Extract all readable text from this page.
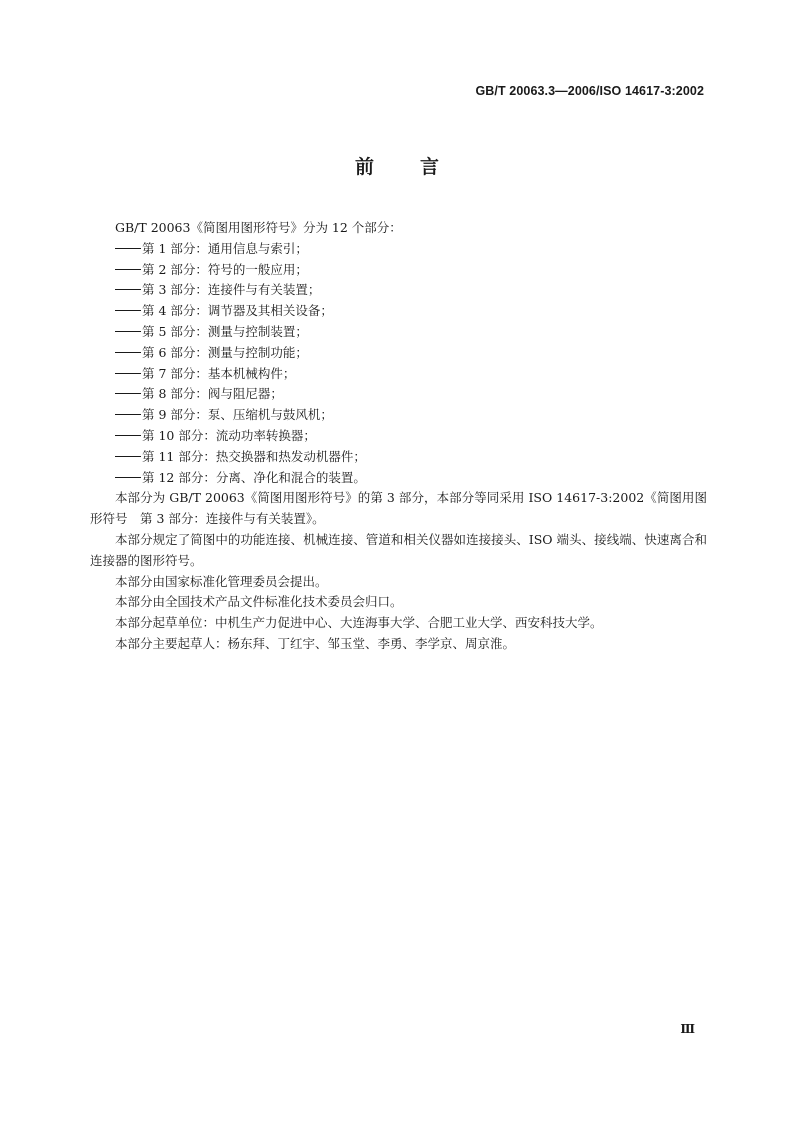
GB/T 20063.3—2006/ISO 14617-3:2002
前 言

GB/T 20063《简图用图形符号》分为 12 个部分：

第 1 部分：通用信息与索引；

第 2 部分：符号的一般应用；

第 3 部分：连接件与有关装置；

第 4 部分：调节器及其相关设备；

第 5 部分：测量与控制装置；

第 6 部分：测量与控制功能；

第 7 部分：基本机械构件；

第 8 部分：阀与阻尼器；

第 9 部分：泵、压缩机与鼓风机；

第 10 部分：流动功率转换器；

第 11 部分：热交换器和热发动机器件；

第 12 部分：分离、净化和混合的装置。

本部分为 GB/T 20063《简图用图形符号》的第 3 部分，本部分等同采用 ISO 14617-3:2002《简图用图形符号　第 3 部分：连接件与有关装置》。

本部分规定了简图中的功能连接、机械连接、管道和相关仪器如连接接头、ISO 端头、接线端、快速离合和连接器的图形符号。

本部分由国家标准化管理委员会提出。

本部分由全国技术产品文件标准化技术委员会归口。

本部分起草单位：中机生产力促进中心、大连海事大学、合肥工业大学、西安科技大学。

本部分主要起草人：杨东拜、丁红宇、邹玉堂、李勇、李学京、周京淮。

Ⅲ
